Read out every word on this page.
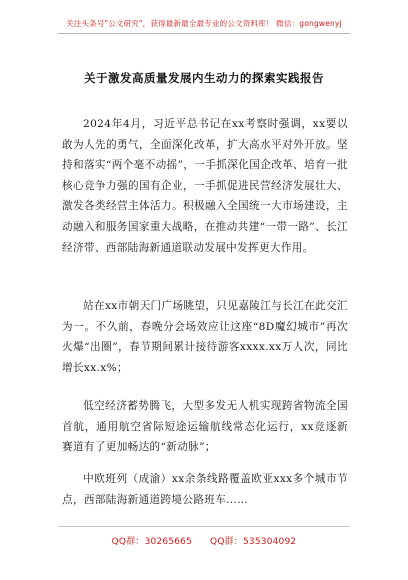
关注头条号"公文研究"，获得最新最全最专业的公文资料库！ 微信：gongwenyj
关于激发高质量发展内生动力的探索实践报告

2024年4月，习近平总书记在xx考察时强调，xx要以敢为人先的勇气，全面深化改革，扩大高水平对外开放。坚持和落实“两个毫不动摇”，一手抓深化国企改革、培育一批核心竞争力强的国有企业，一手抓促进民营经济发展壮大、激发各类经营主体活力。积极融入全国统一大市场建设，主动融入和服务国家重大战略，在推动共建“一带一路”、长江经济带、西部陆海新通道联动发展中发挥更大作用。

站在xx市朝天门广场眺望，只见嘉陵江与长江在此交汇为一。不久前，春晚分会场效应让这座“8D魔幻城市”再次火爆“出圈”，春节期间累计接待游客xxxx.xx万人次，同比增长xx.x%；

低空经济蓄势腾飞，大型多发无人机实现跨省物流全国首航，通用航空省际短途运输航线常态化运行，xx竞逐新赛道有了更加畅达的“新动脉”；

中欧班列（成渝）xx余条线路覆盖欧亚xxx多个城市节点，西部陆海新通道跨境公路班车……

QQ群：30265665 QQ群：535304092
